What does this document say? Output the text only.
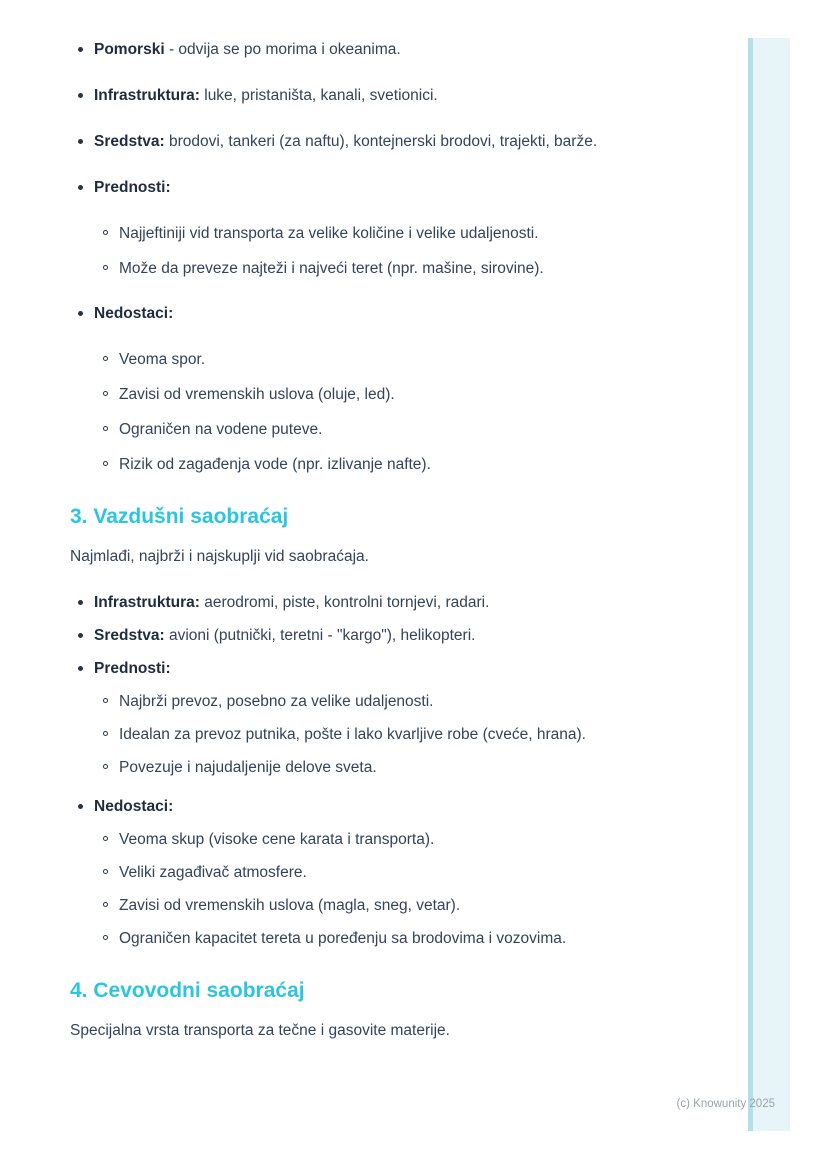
Pomorski - odvija se po morima i okeanima.

Infrastruktura: luke, pristaništa, kanali, svetionici.

Sredstva: brodovi, tankeri (za naftu), kontejnerski brodovi, trajekti, barže.

Prednosti:

Najjeftiniji vid transporta za velike količine i velike udaljenosti.

Može da preveze najteži i najveći teret (npr. mašine, sirovine).

Nedostaci:

Veoma spor.

Zavisi od vremenskih uslova (oluje, led).

Ograničen na vodene puteve.

Rizik od zagađenja vode (npr. izlivanje nafte).

3. Vazdušni saobraćaj

Najmlađi, najbrži i najskuplji vid saobraćaja.

Infrastruktura: aerodromi, piste, kontrolni tornjevi, radari.

Sredstva: avioni (putnički, teretni - "kargo"), helikopteri.

Prednosti:

Najbrži prevoz, posebno za velike udaljenosti.

Idealan za prevoz putnika, pošte i lako kvarljive robe (cveće, hrana).

Povezuje i najudaljenije delove sveta.

Nedostaci:

Veoma skup (visoke cene karata i transporta).

Veliki zagađivač atmosfere.

Zavisi od vremenskih uslova (magla, sneg, vetar).

Ograničen kapacitet tereta u poređenju sa brodovima i vozovima.

4. Cevovodni saobraćaj

Specijalna vrsta transporta za tečne i gasovite materije.

(c) Knowunity 2025
